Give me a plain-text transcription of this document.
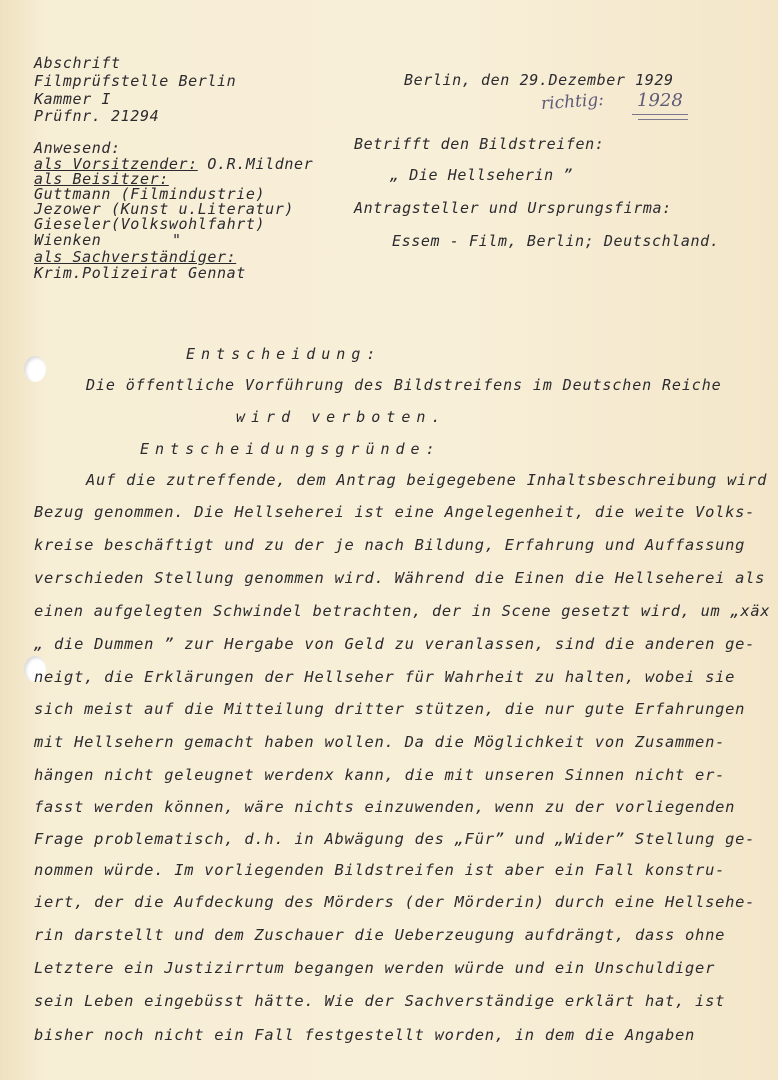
Abschrift
Filmprüfstelle Berlin
Kammer I
Prüfnr. 21294
Berlin, den 29.Dezember 1929
richtig: 1928
Anwesend:
als Vorsitzender: O.R.Mildner
als Beisitzer:
Guttmann (Filmindustrie)
Jezower (Kunst u.Literatur)
Gieseler(Volkswohlfahrt)
Wienken	"
als Sachverständiger:
Krim.Polizeirat Gennat
Betrifft den Bildstreifen:
„ Die Hellseherin ”
Antragsteller und Ursprungsfirma:
Essem - Film, Berlin; Deutschland.
Entscheidung:
Die öffentliche Vorführung des Bildstreifens im Deutschen Reiche
wird verboten.
Entscheidungsgründe:
Auf die zutreffende, dem Antrag beigegebene Inhaltsbeschreibung wird
Bezug genommen. Die Hellseherei ist eine Angelegenheit, die weite Volks-
kreise beschäftigt und zu der je nach Bildung, Erfahrung und Auffassung
verschieden Stellung genommen wird. Während die Einen die Hellseherei als
einen aufgelegten Schwindel betrachten, der in Scene gesetzt wird, um „xäx
„ die Dummen ” zur Hergabe von Geld zu veranlassen, sind die anderen ge-
neigt, die Erklärungen der Hellseher für Wahrheit zu halten, wobei sie
sich meist auf die Mitteilung dritter stützen, die nur gute Erfahrungen
mit Hellsehern gemacht haben wollen. Da die Möglichkeit von Zusammen-
hängen nicht geleugnet werdenx kann, die mit unseren Sinnen nicht er-
fasst werden können, wäre nichts einzuwenden, wenn zu der vorliegenden
Frage problematisch, d.h. in Abwägung des „Für” und „Wider” Stellung ge-
nommen würde. Im vorliegenden Bildstreifen ist aber ein Fall konstru-
iert, der die Aufdeckung des Mörders (der Mörderin) durch eine Hellsehe-
rin darstellt und dem Zuschauer die Ueberzeugung aufdrängt, dass ohne
Letztere ein Justizirrtum begangen werden würde und ein Unschuldiger
sein Leben eingebüsst hätte. Wie der Sachverständige erklärt hat, ist
bisher noch nicht ein Fall festgestellt worden, in dem die Angaben
